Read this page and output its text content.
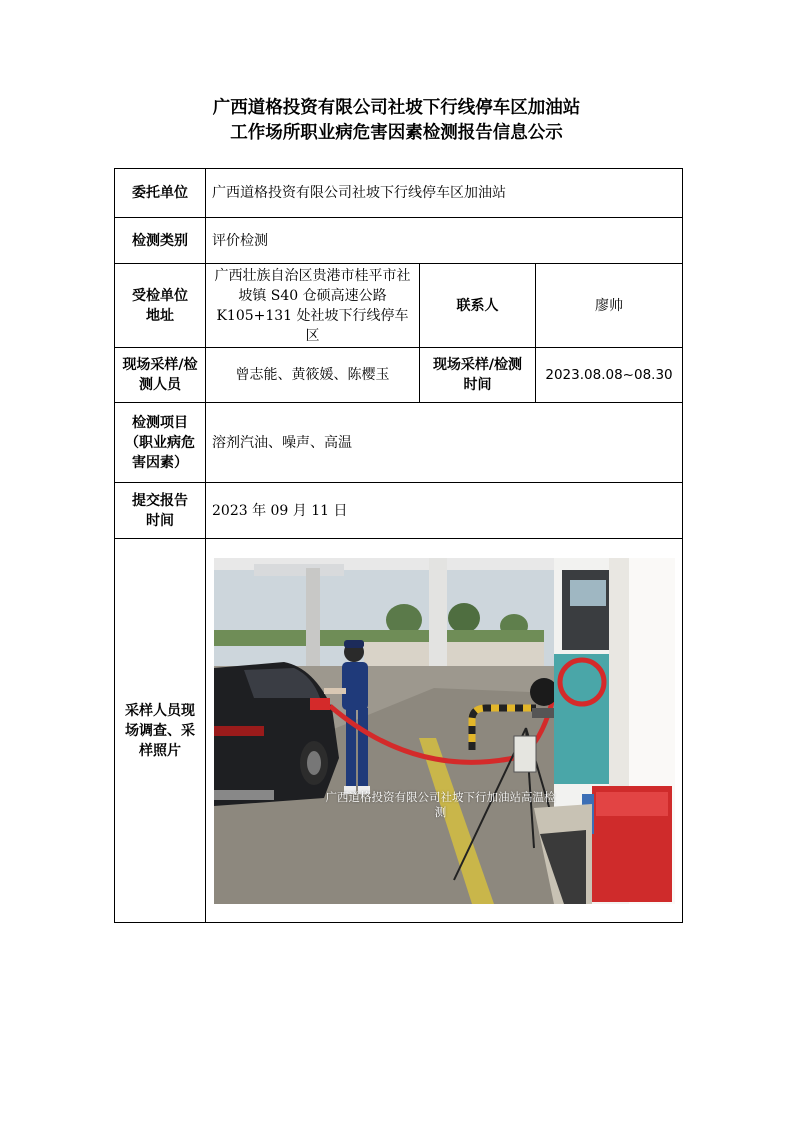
广西道格投资有限公司社坡下行线停车区加油站
工作场所职业病危害因素检测报告信息公示
委托单位	广西道格投资有限公司社坡下行线停车区加油站		
检测类别	评价检测		
受检单位地址	广西壮族自治区贵港市桂平市社坡镇 S40 仓硕高速公路 K105+131 处社坡下行线停车区	联系人	廖帅
现场采样/检测人员	曾志能、黄筱媛、陈樱玉	现场采样/检测时间	2023.08.08~08.30
检测项目（职业病危害因素）	溶剂汽油、噪声、高温		
提交报告时间	2023 年 09 月 11 日		
采样人员现场调查、采样照片	广西道格投资有限公司社坡下行加油站高温检测		
